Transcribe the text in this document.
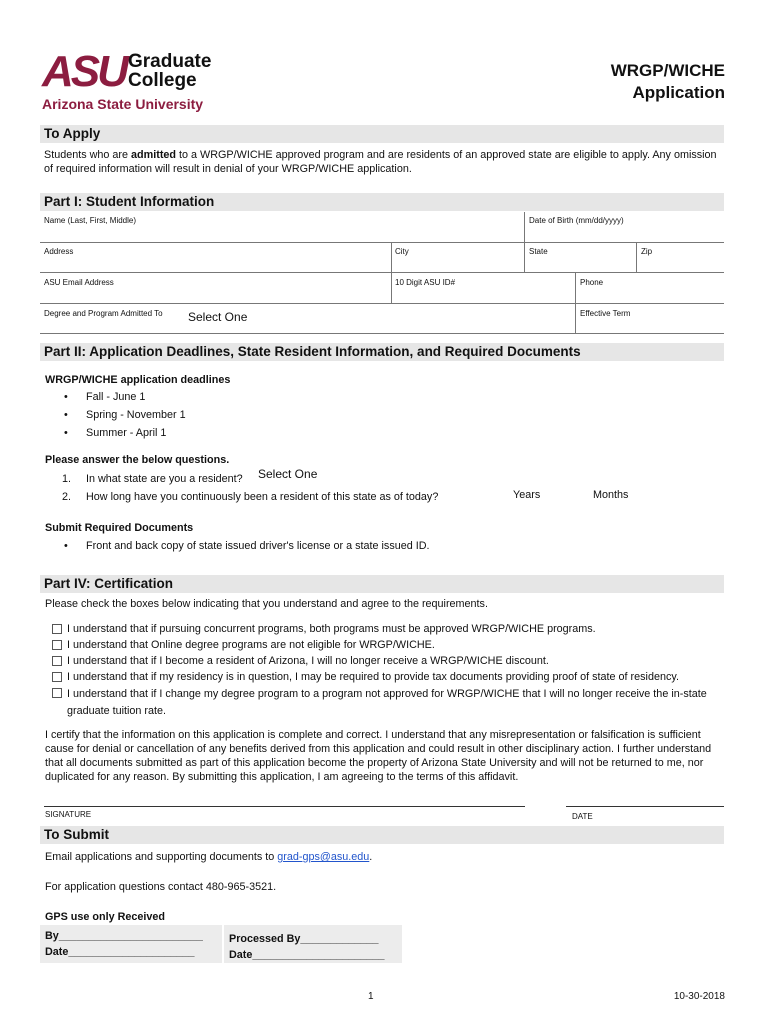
ASU Graduate
College
Arizona State University
WRGP/WICHE
Application
To Apply
Students who are admitted to a WRGP/WICHE approved program and are residents of an approved state are eligible to apply. Any omission of required information will result in denial of your WRGP/WICHE application.
Part I: Student Information
Name (Last, First, Middle)	Date of Birth (mm/dd/yyyy)
Address	City	State	Zip
ASU Email Address	10 Digit ASU ID#	Phone
Degree and Program Admitted To Select One	Effective Term
Part II: Application Deadlines, State Resident Information, and Required Documents
WRGP/WICHE application deadlines
• Fall - June 1
• Spring - November 1
• Summer - April 1
Please answer the below questions.
1. In what state are you a resident? Select One
2. How long have you continuously been a resident of this state as of today?	Years	Months
Submit Required Documents
• Front and back copy of state issued driver's license or a state issued ID.
Part IV: Certification
Please check the boxes below indicating that you understand and agree to the requirements.
I understand that if pursuing concurrent programs, both programs must be approved WRGP/WICHE programs.
I understand that Online degree programs are not eligible for WRGP/WICHE.
I understand that if I become a resident of Arizona, I will no longer receive a WRGP/WICHE discount.
I understand that if my residency is in question, I may be required to provide tax documents providing proof of state of residency.
I understand that if I change my degree program to a program not approved for WRGP/WICHE that I will no longer receive the in-state graduate tuition rate.
I certify that the information on this application is complete and correct. I understand that any misrepresentation or falsification is sufficient cause for denial or cancellation of any benefits derived from this application and could result in other disciplinary action. I further understand that all documents submitted as part of this application become the property of Arizona State University and will not be returned to me, nor duplicated for any reason. By submitting this application, I am agreeing to the terms of this affidavit.
SIGNATURE	DATE
To Submit
Email applications and supporting documents to grad-gps@asu.edu.
For application questions contact 480-965-3521.
GPS use only Received
By________________________
Date_____________________
Processed By_____________
Date______________________
1	10-30-2018
